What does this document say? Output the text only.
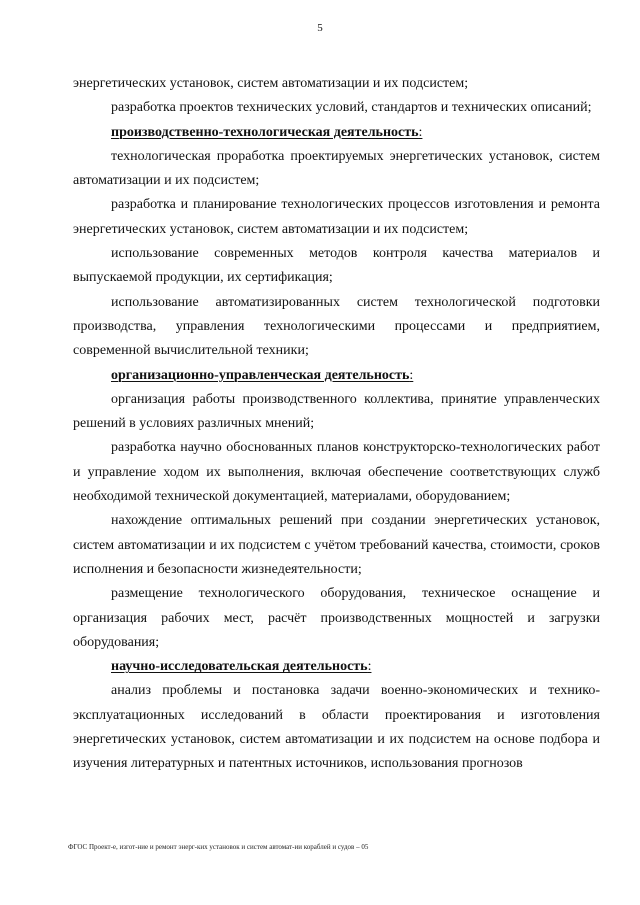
5

энергетических установок, систем автоматизации и их подсистем;

разработка проектов технических условий, стандартов и технических описаний;

производственно-технологическая деятельность:

технологическая проработка проектируемых энергетических установок, систем автоматизации и их подсистем;

разработка и планирование технологических процессов изготовления и ремонта энергетических установок, систем автоматизации и их подсистем;

использование современных методов контроля качества материалов и выпускаемой продукции, их сертификация;

использование автоматизированных систем технологической подготовки производства, управления технологическими процессами и предприятием, современной вычислительной техники;

организационно-управленческая деятельность:

организация работы производственного коллектива, принятие управленческих решений в условиях различных мнений;

разработка научно обоснованных планов конструкторско-технологических работ и управление ходом их выполнения, включая обеспечение соответствующих служб необходимой технической документацией, материалами, оборудованием;

нахождение оптимальных решений при создании энергетических установок, систем автоматизации и их подсистем с учётом требований качества, стоимости, сроков исполнения и безопасности жизнедеятельности;

размещение технологического оборудования, техническое оснащение и организация рабочих мест, расчёт производственных мощностей и загрузки оборудования;

научно-исследовательская деятельность:

анализ проблемы и постановка задачи военно-экономических и технико-эксплуатационных исследований в области проектирования и изготовления энергетических установок, систем автоматизации и их подсистем на основе подбора и изучения литературных и патентных источников, использования прогнозов

ФГОС Проект-е, изгот-ние и ремонт энерг-ких установок и систем автомат-ии кораблей и судов – 05
